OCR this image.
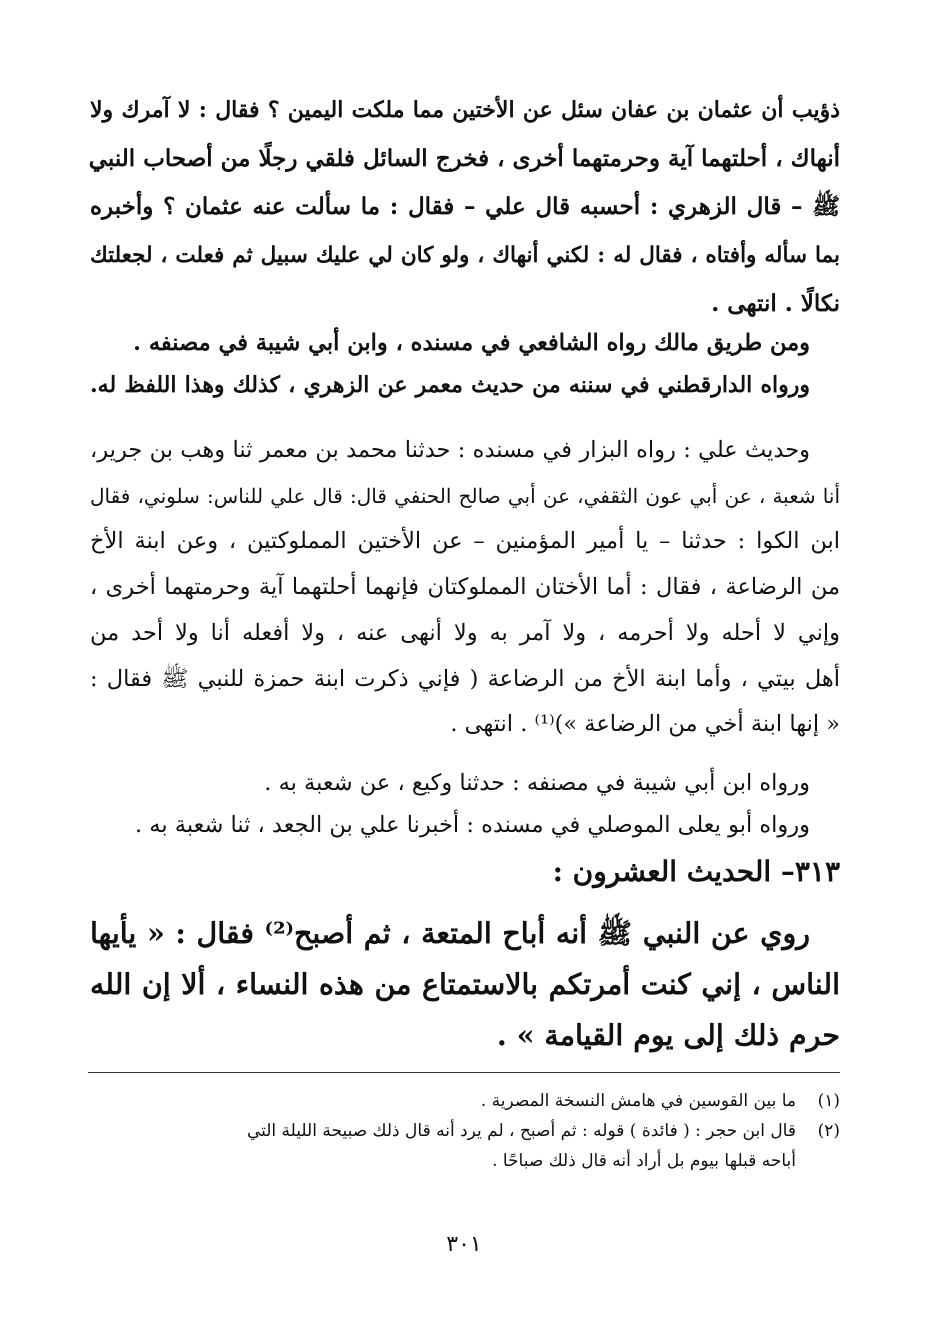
ذؤيب أن عثمان بن عفان سئل عن الأختين مما ملكت اليمين ؟ فقال : لا آمرك ولا
أنهاك ، أحلتهما آية وحرمتهما أخرى ، فخرج السائل فلقي رجلًا من أصحاب النبي
ﷺ – قال الزهري : أحسبه قال علي – فقال : ما سألت عنه عثمان ؟ وأخبره
بما سأله وأفتاه ، فقال له : لكني أنهاك ، ولو كان لي عليك سبيل ثم فعلت ، لجعلتك
نكالًا . انتهى .
ومن طريق مالك رواه الشافعي في مسنده ، وابن أبي شيبة في مصنفه .
ورواه الدارقطني في سننه من حديث معمر عن الزهري ، كذلك وهذا اللفظ له.
وحديث علي : رواه البزار في مسنده : حدثنا محمد بن معمر ثنا وهب بن جرير،
أنا شعبة ، عن أبي عون الثقفي، عن أبي صالح الحنفي قال: قال علي للناس: سلوني، فقال
ابن الكوا : حدثنا – يا أمير المؤمنين – عن الأختين المملوكتين ، وعن ابنة الأخ
من الرضاعة ، فقال : أما الأختان المملوكتان فإنهما أحلتهما آية وحرمتهما أخرى ،
وإني لا أحله ولا أحرمه ، ولا آمر به ولا أنهى عنه ، ولا أفعله أنا ولا أحد من
أهل بيتي ، وأما ابنة الأخ من الرضاعة ( فإني ذكرت ابنة حمزة للنبي ﷺ فقال :
« إنها ابنة أخي من الرضاعة »)⁽¹⁾ . انتهى .
ورواه ابن أبي شيبة في مصنفه : حدثنا وكيع ، عن شعبة به .
ورواه أبو يعلى الموصلي في مسنده : أخبرنا علي بن الجعد ، ثنا شعبة به .
٣١٣– الحديث العشرون :
روي عن النبي ﷺ أنه أباح المتعة ، ثم أصبح⁽²⁾ فقال : « يأيها
الناس ، إني كنت أمرتكم بالاستمتاع من هذه النساء ، ألا إن الله
حرم ذلك إلى يوم القيامة » .
(١)
ما بين القوسين في هامش النسخة المصرية .
(٢)
قال ابن حجر : ( فائدة ) قوله : ثم أصبح ، لم يرد أنه قال ذلك صبيحة الليلة التي
أباحه قبلها بيوم بل أراد أنه قال ذلك صباحًا .
٣٠١
